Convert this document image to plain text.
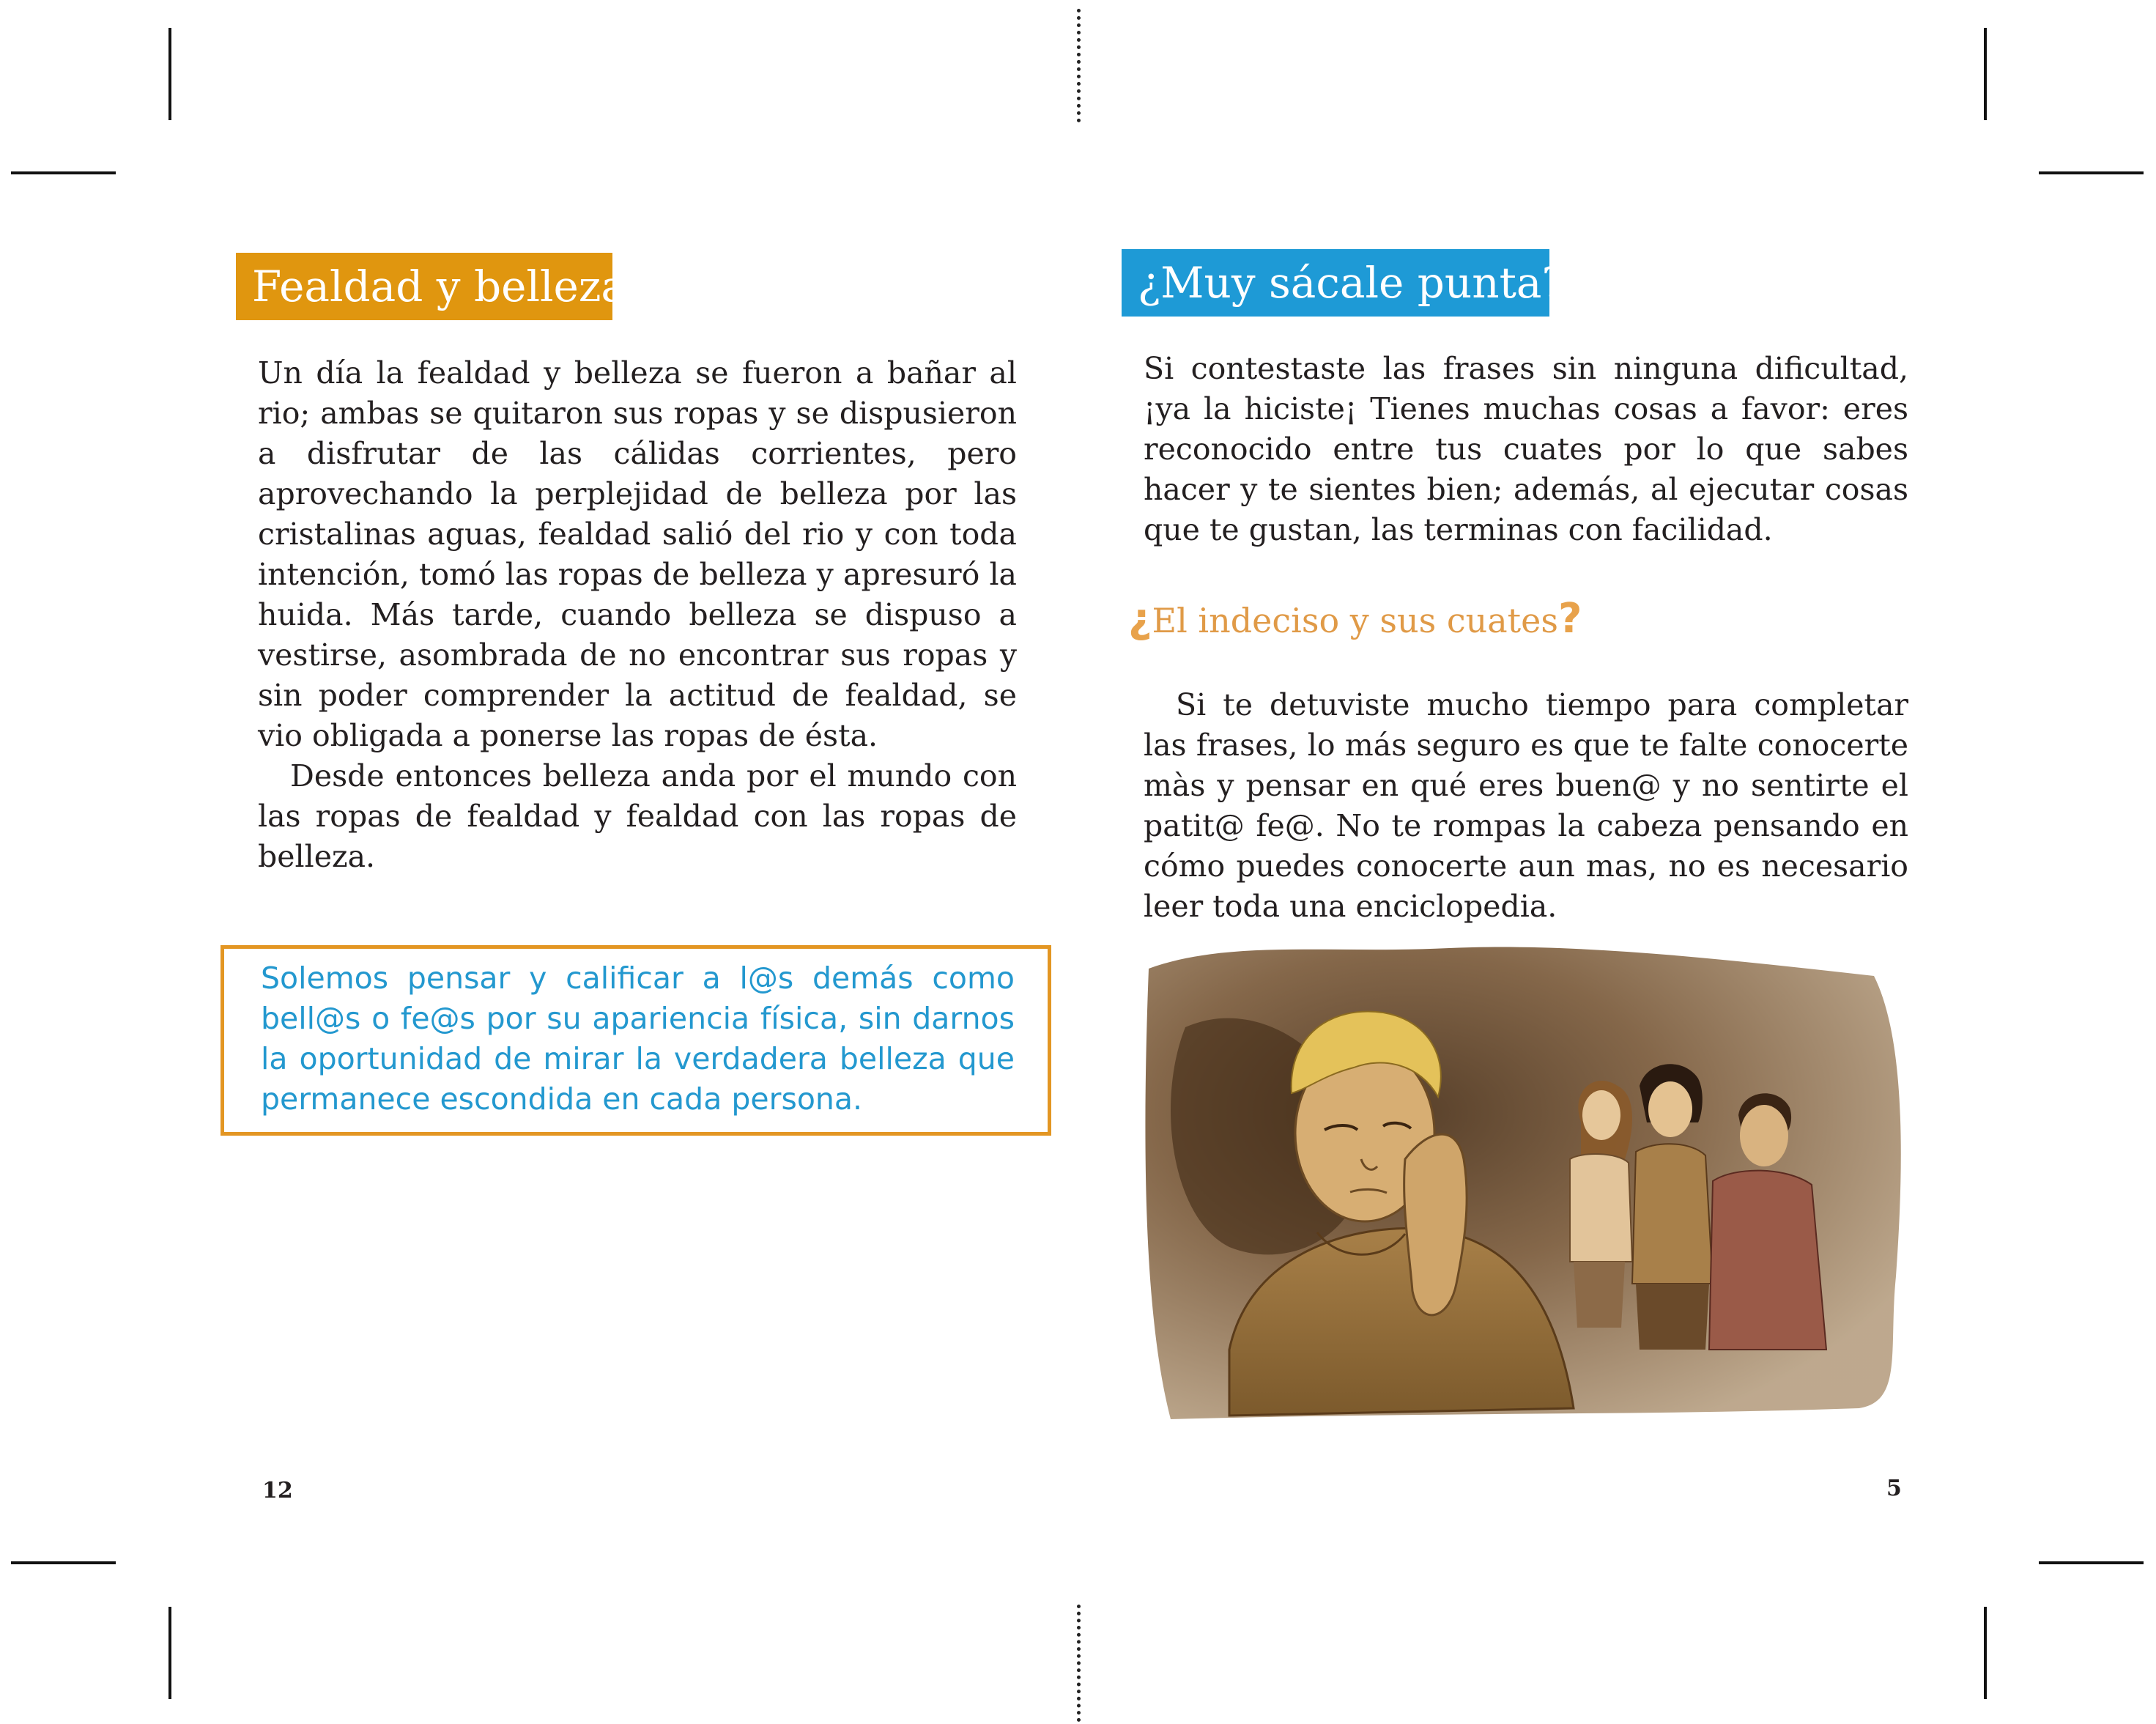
Fealdad y belleza

Un día la fealdad y belleza se fueron a bañar al rio; ambas se quitaron sus ropas y se dispusieron a disfrutar de las cálidas corrientes, pero aprovechando la perplejidad de belleza por las cristalinas aguas, fealdad salió del rio y con toda intención, tomó las ropas de belleza y apresuró la huida. Más tarde, cuando belleza se dispuso a vestirse, asombrada de no encontrar sus ropas y sin poder comprender la actitud de fealdad, se vio obligada a ponerse las ropas de ésta.

Desde entonces belleza anda por el mundo con las ropas de fealdad y fealdad con las ropas de belleza.

Solemos pensar y calificar a l@s demás como bell@s o fe@s por su apariencia física, sin darnos la oportunidad de mirar la verdadera belleza que permanece escondida en cada persona.

12
¿Muy sácale punta?

Si contestaste las frases sin ninguna dificultad, ¡ya la hiciste¡ Tienes muchas cosas a favor: eres reconocido entre tus cuates por lo que sabes hacer y te sientes bien; además, al ejecutar cosas que te gustan, las terminas con facilidad.

¿El indeciso y sus cuates?

Si te detuviste mucho tiempo para completar las frases, lo más seguro es que te falte conocerte màs y pensar en qué eres buen@ y no sentirte el patit@ fe@. No te rompas la cabeza pensando en cómo puedes conocerte aun mas, no es necesario leer toda una enciclopedia.

5
